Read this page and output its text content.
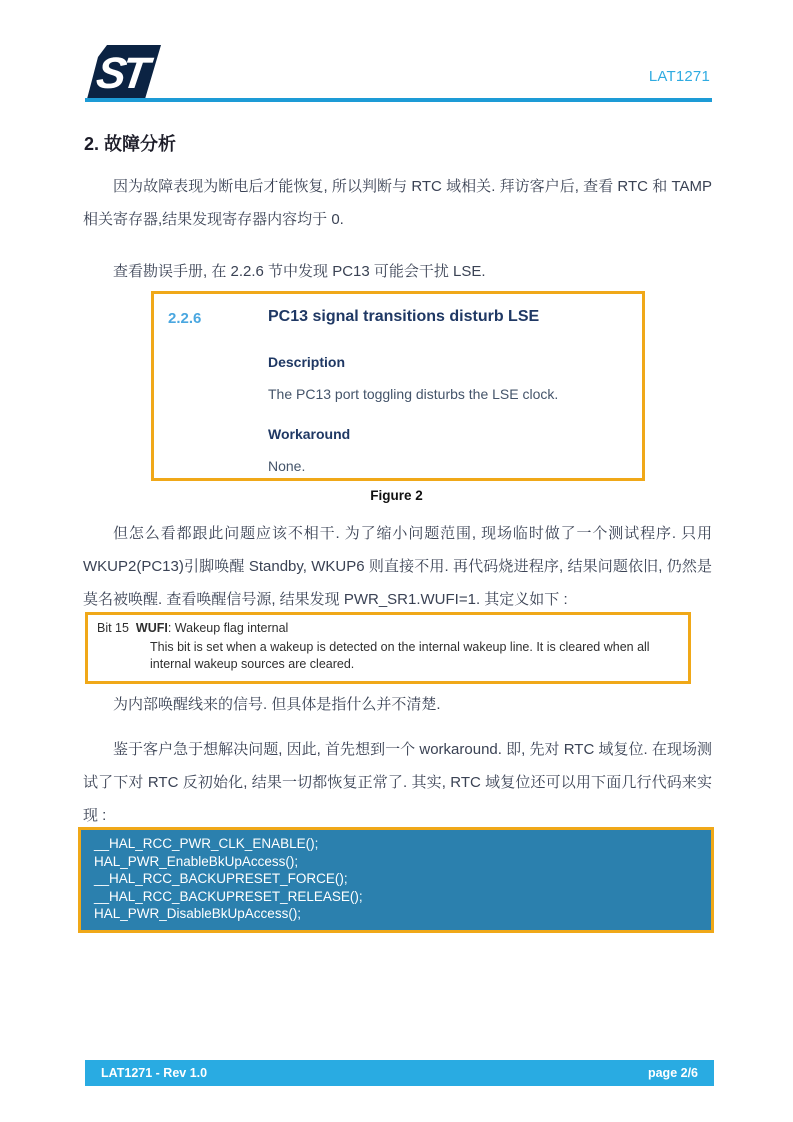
ST	LAT1271
2. 故障分析
因为故障表现为断电后才能恢复, 所以判断与 RTC 域相关. 拜访客户后, 查看 RTC 和 TAMP 相关寄存器,结果发现寄存器内容均于 0.
查看勘误手册, 在 2.2.6 节中发现 PC13 可能会干扰 LSE.
2.2.6	PC13 signal transitions disturb LSE
Description
The PC13 port toggling disturbs the LSE clock.
Workaround
None.
Figure 2
但怎么看都跟此问题应该不相干. 为了缩小问题范围, 现场临时做了一个测试程序. 只用 WKUP2(PC13)引脚唤醒 Standby, WKUP6 则直接不用. 再代码烧进程序, 结果问题依旧, 仍然是莫名被唤醒. 查看唤醒信号源, 结果发现 PWR_SR1.WUFI=1. 其定义如下 :
Bit 15 WUFI: Wakeup flag internal
This bit is set when a wakeup is detected on the internal wakeup line. It is cleared when all internal wakeup sources are cleared.
为内部唤醒线来的信号. 但具体是指什么并不清楚.
鉴于客户急于想解决问题, 因此, 首先想到一个 workaround. 即, 先对 RTC 域复位. 在现场测试了下对 RTC 反初始化, 结果一切都恢复正常了. 其实, RTC 域复位还可以用下面几行代码来实现 :
__HAL_RCC_PWR_CLK_ENABLE();
HAL_PWR_EnableBkUpAccess();
__HAL_RCC_BACKUPRESET_FORCE();
__HAL_RCC_BACKUPRESET_RELEASE();
HAL_PWR_DisableBkUpAccess();
LAT1271 - Rev 1.0	page 2/6
